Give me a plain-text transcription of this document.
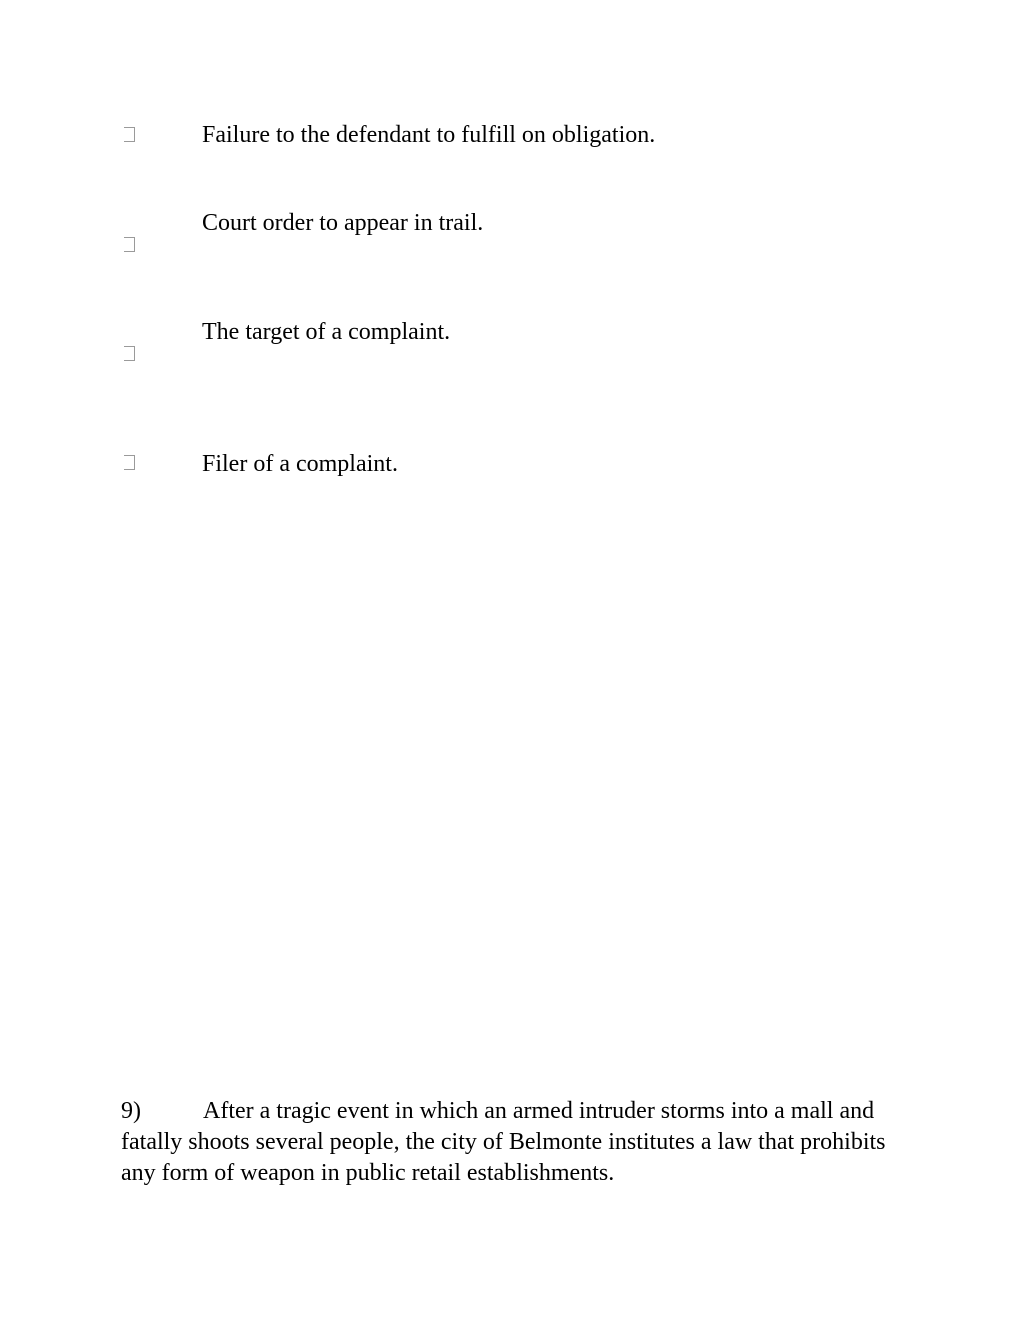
Failure to the defendant to fulfill on obligation.
Court order to appear in trail.
The target of a complaint.
Filer of a complaint.
9)	After a tragic event in which an armed intruder storms into a mall and fatally shoots several people, the city of Belmonte institutes a law that prohibits any form of weapon in public retail establishments.
